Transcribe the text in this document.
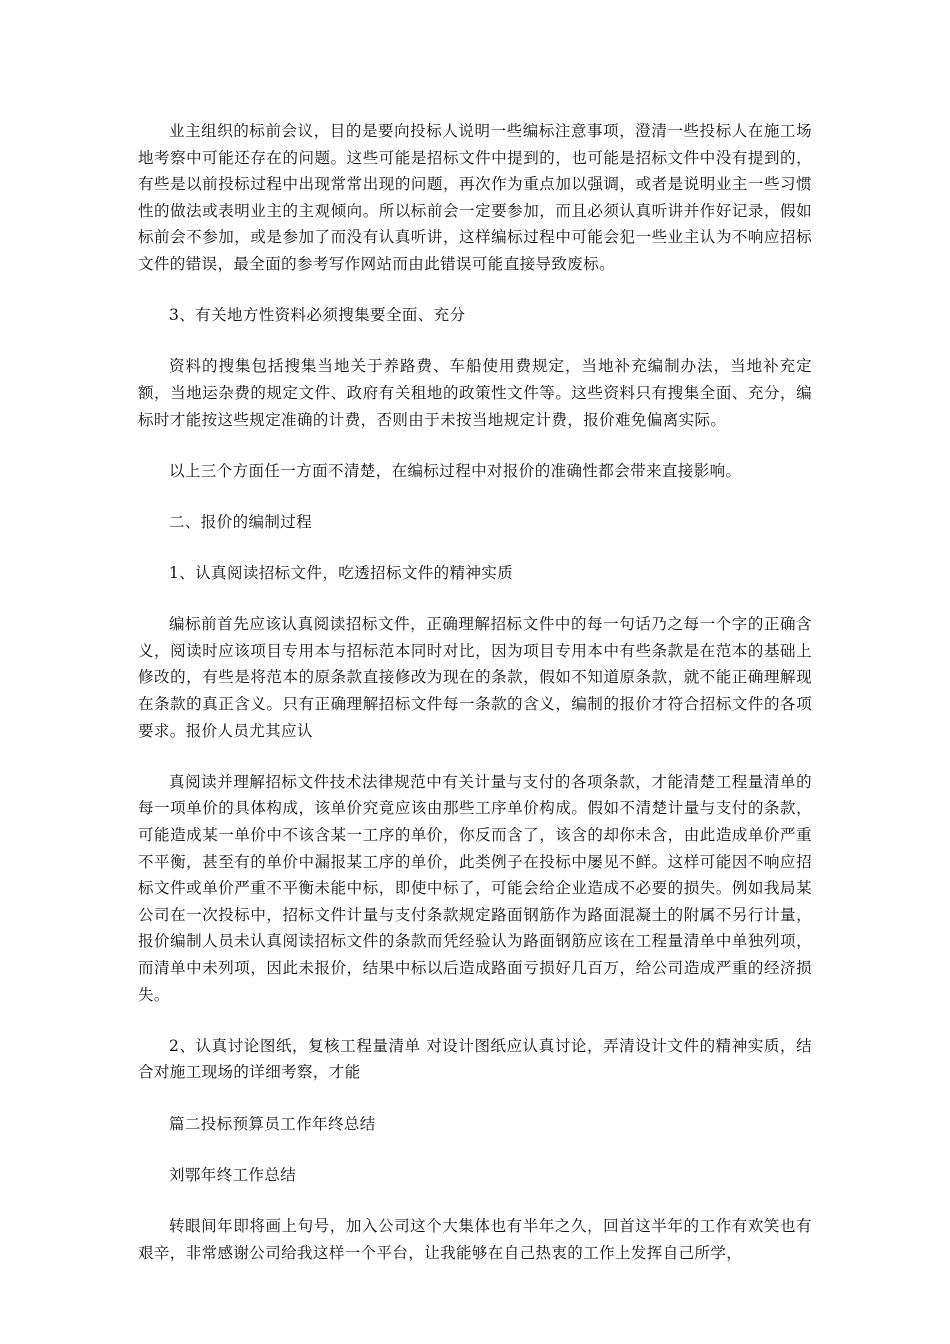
业主组织的标前会议，目的是要向投标人说明一些编标注意事项，澄清一些投标人在施工场地考察中可能还存在的问题。这些可能是招标文件中提到的，也可能是招标文件中没有提到的，有些是以前投标过程中出现常常出现的问题，再次作为重点加以强调，或者是说明业主一些习惯性的做法或表明业主的主观倾向。所以标前会一定要参加，而且必须认真听讲并作好记录，假如标前会不参加，或是参加了而没有认真听讲，这样编标过程中可能会犯一些业主认为不响应招标文件的错误，最全面的参考写作网站而由此错误可能直接导致废标。

3、有关地方性资料必须搜集要全面、充分

资料的搜集包括搜集当地关于养路费、车船使用费规定，当地补充编制办法，当地补充定额，当地运杂费的规定文件、政府有关租地的政策性文件等。这些资料只有搜集全面、充分，编标时才能按这些规定准确的计费，否则由于未按当地规定计费，报价难免偏离实际。

以上三个方面任一方面不清楚，在编标过程中对报价的准确性都会带来直接影响。

二、报价的编制过程

1、认真阅读招标文件，吃透招标文件的精神实质

编标前首先应该认真阅读招标文件，正确理解招标文件中的每一句话乃之每一个字的正确含义，阅读时应该项目专用本与招标范本同时对比，因为项目专用本中有些条款是在范本的基础上修改的，有些是将范本的原条款直接修改为现在的条款，假如不知道原条款，就不能正确理解现在条款的真正含义。只有正确理解招标文件每一条款的含义，编制的报价才符合招标文件的各项要求。报价人员尤其应认

真阅读并理解招标文件技术法律规范中有关计量与支付的各项条款，才能清楚工程量清单的每一项单价的具体构成，该单价究竟应该由那些工序单价构成。假如不清楚计量与支付的条款，可能造成某一单价中不该含某一工序的单价，你反而含了，该含的却你未含，由此造成单价严重不平衡，甚至有的单价中漏报某工序的单价，此类例子在投标中屡见不鲜。这样可能因不响应招标文件或单价严重不平衡未能中标，即使中标了，可能会给企业造成不必要的损失。例如我局某公司在一次投标中，招标文件计量与支付条款规定路面钢筋作为路面混凝土的附属不另行计量，报价编制人员未认真阅读招标文件的条款而凭经验认为路面钢筋应该在工程量清单中单独列项，而清单中未列项，因此未报价，结果中标以后造成路面亏损好几百万，给公司造成严重的经济损失。

2、认真讨论图纸，复核工程量清单 对设计图纸应认真讨论，弄清设计文件的精神实质，结合对施工现场的详细考察，才能

篇二投标预算员工作年终总结

刘鄂年终工作总结

转眼间年即将画上句号，加入公司这个大集体也有半年之久，回首这半年的工作有欢笑也有艰辛，非常感谢公司给我这样一个平台，让我能够在自己热衷的工作上发挥自己所学，
